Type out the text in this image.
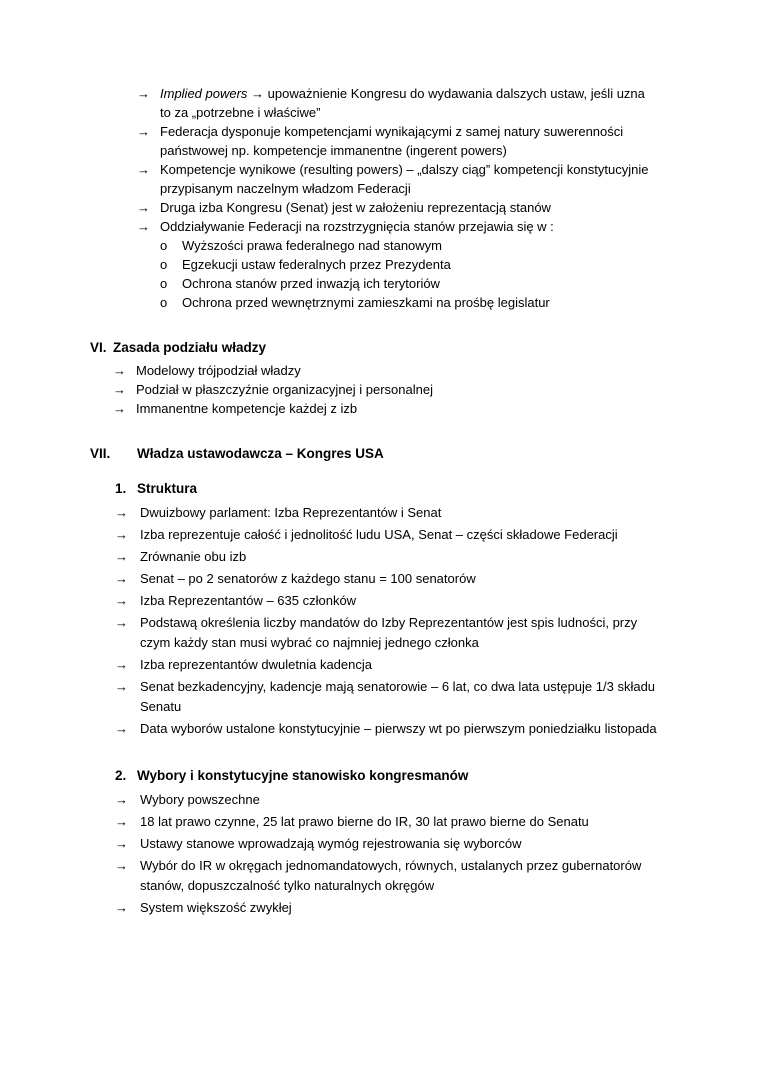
→ Implied powers → upoważnienie Kongresu do wydawania dalszych ustaw, jeśli uzna to za „potrzebne i właściwe”
→ Federacja dysponuje kompetencjami wynikającymi z samej natury suwerenności państwowej np. kompetencje immanentne (ingerent powers)
→ Kompetencje wynikowe (resulting powers) – „dalszy ciąg” kompetencji konstytucyjnie przypisanym naczelnym władzom Federacji
→ Druga izba Kongresu (Senat) jest w założeniu reprezentacją stanów
→ Oddziaływanie Federacji na rozstrzygnięcia stanów przejawia się w :
o	Wyższości prawa federalnego nad stanowym
o	Egzekucji ustaw federalnych przez Prezydenta
o	Ochrona stanów przed inwazją ich terytoriów
o	Ochrona przed wewnętrznymi zamieszkami na prośbę legislatur
VI. Zasada podziału władzy
→ Modelowy trójpodział władzy
→ Podział w płaszczyźnie organizacyjnej i personalnej
→ Immanentne kompetencje każdej z izb
VII.	Władza ustawodawcza – Kongres USA
1. Struktura
→ Dwuizbowy parlament: Izba Reprezentantów i Senat
→ Izba reprezentuje całość i jednolitość ludu USA, Senat – części składowe Federacji
→ Zrównanie obu izb
→ Senat – po 2 senatorów z każdego stanu = 100 senatorów
→ Izba Reprezentantów – 635 członków
→ Podstawą określenia liczby mandatów do Izby Reprezentantów jest spis ludności, przy czym każdy stan musi wybrać co najmniej jednego członka
→ Izba reprezentantów dwuletnia kadencja
→ Senat bezkadencyjny, kadencje mają senatorowie – 6 lat, co dwa lata ustępuje 1/3 składu Senatu
→ Data wyborów ustalone konstytucyjnie – pierwszy wt po pierwszym poniedziałku listopada
2. Wybory i konstytucyjne stanowisko kongresmanów
→ Wybory powszechne
→ 18 lat prawo czynne, 25 lat prawo bierne do IR, 30 lat prawo bierne do Senatu
→ Ustawy stanowe wprowadzają wymóg rejestrowania się wyborców
→ Wybór do IR w okręgach jednomandatowych, równych, ustalanych przez gubernatorów stanów, dopuszczalność tylko naturalnych okręgów
→ System większość zwykłej
